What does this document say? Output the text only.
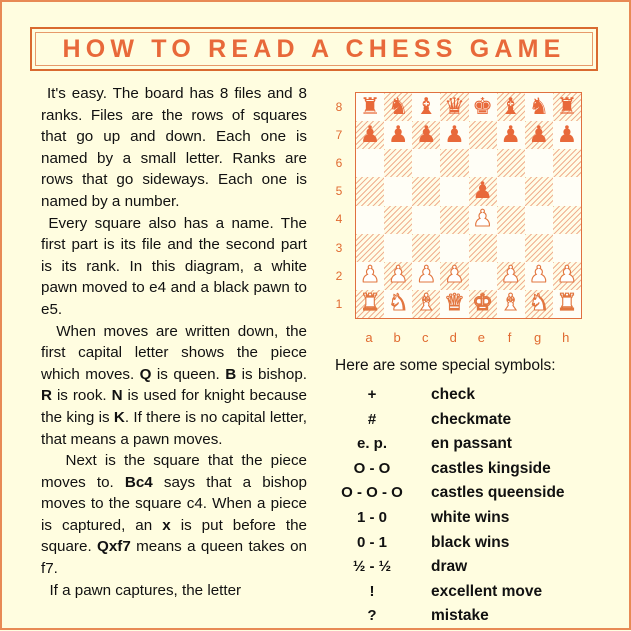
HOW TO READ A CHESS GAME

It's easy. The board has 8 files and 8 ranks. Files are the rows of squares that go up and down. Each one is named by a small letter. Ranks are rows that go sideways. Each one is named by a number.

Every square also has a name. The first part is its file and the second part is its rank. In this diagram, a white pawn moved to e4 and a black pawn to e5.

When moves are written down, the first capital letter shows the piece which moves. Q is queen. B is bishop. R is rook. N is used for knight because the king is K. If there is no capital letter, that means a pawn moves.

Next is the square that the piece moves to. Bc4 says that a bishop moves to the square c4. When a piece is captured, an x is put before the square. Qxf7 means a queen takes on f7.

If a pawn captures, the letter

8
7
6
5
4
3
2
1
a	b	c	d	e	f	g	h
♜ ♞ ♝ ♛ ♚ ♝ ♞ ♜
♟ ♟ ♟ ♟ ♟ ♟ ♟
♟
♟
♟ ♟ ♟ ♟ ♟ ♟ ♟
♜ ♞ ♝ ♛ ♚ ♝ ♞ ♜
Here are some special symbols:
+	check
#	checkmate
e. p.	en passant
O - O	castles kingside
O - O - O	castles queenside
1 - 0	white wins
0 - 1	black wins
½ - ½	draw
!	excellent move
?	mistake
